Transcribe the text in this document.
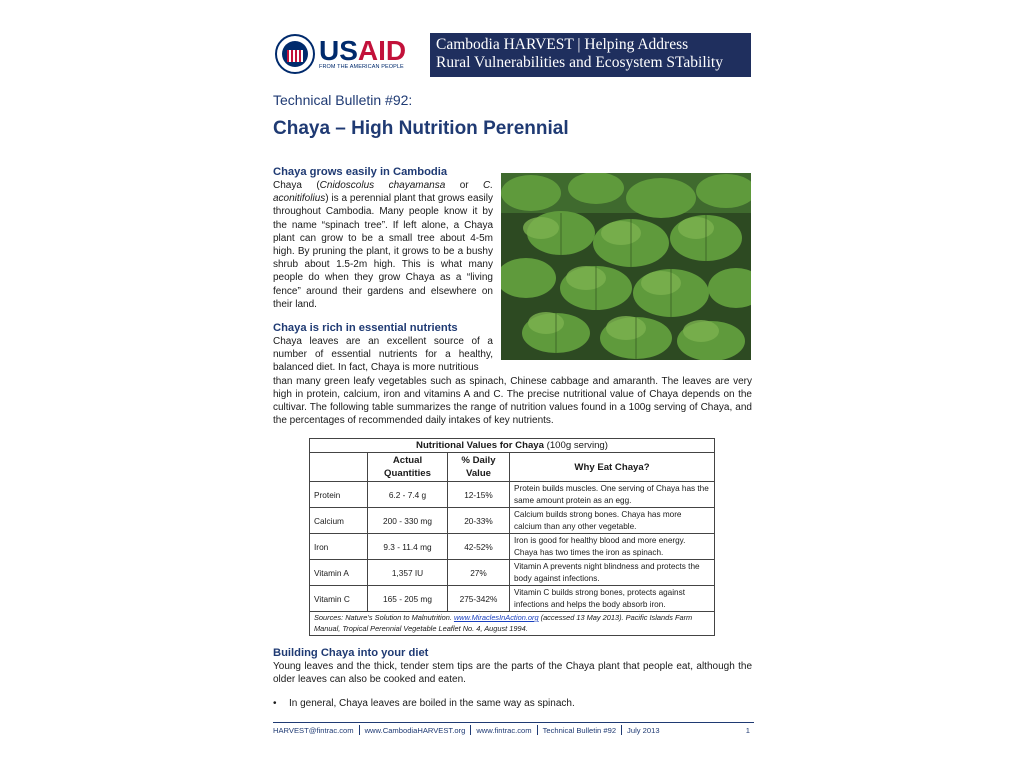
USAID
FROM THE AMERICAN PEOPLE
Cambodia HARVEST | Helping Address
Rural Vulnerabilities and Ecosystem STability
Technical Bulletin #92:
Chaya – High Nutrition Perennial
Chaya grows easily in Cambodia
Chaya (Cnidoscolus chayamansa or C. aconitifolius) is a perennial plant that grows easily throughout Cambodia. Many people know it by the name “spinach tree”. If left alone, a Chaya plant can grow to be a small tree about 4-5m high. By pruning the plant, it grows to be a bushy shrub about 1.5-2m high. This is what many people do when they grow Chaya as a “living fence” around their gardens and elsewhere on their land.
Chaya is rich in essential nutrients
Chaya leaves are an excellent source of a number of essential nutrients for a healthy, balanced diet. In fact, Chaya is more nutritious
than many green leafy vegetables such as spinach, Chinese cabbage and amaranth. The leaves are very high in protein, calcium, iron and vitamins A and C. The precise nutritional value of Chaya depends on the cultivar. The following table summarizes the range of nutrition values found in a 100g serving of Chaya, and the percentages of recommended daily intakes of key nutrients.
Nutritional Values for Chaya (100g serving)			
	Actual Quantities	% Daily Value	Why Eat Chaya?
Protein	6.2 - 7.4 g	12-15%	Protein builds muscles. One serving of Chaya has the same amount protein as an egg.
Calcium	200 - 330 mg	20-33%	Calcium builds strong bones. Chaya has more calcium than any other vegetable.
Iron	9.3 - 11.4 mg	42-52%	Iron is good for healthy blood and more energy. Chaya has two times the iron as spinach.
Vitamin A	1,357 IU	27%	Vitamin A prevents night blindness and protects the body against infections.
Vitamin C	165 - 205 mg	275-342%	Vitamin C builds strong bones, protects against infections and helps the body absorb iron.
Sources: Nature’s Solution to Malnutrition. www.MiraclesInAction.org (accessed 13 May 2013). Pacific Islands Farm Manual, Tropical Perennial Vegetable Leaflet No. 4, August 1994.			
Building Chaya into your diet
Young leaves and the thick, tender stem tips are the parts of the Chaya plant that people eat, although the older leaves can also be cooked and eaten.
• In general, Chaya leaves are boiled in the same way as spinach.
HARVEST@fintrac.com www.CambodiaHARVEST.org www.fintrac.com Technical Bulletin #92 July 2013	1
